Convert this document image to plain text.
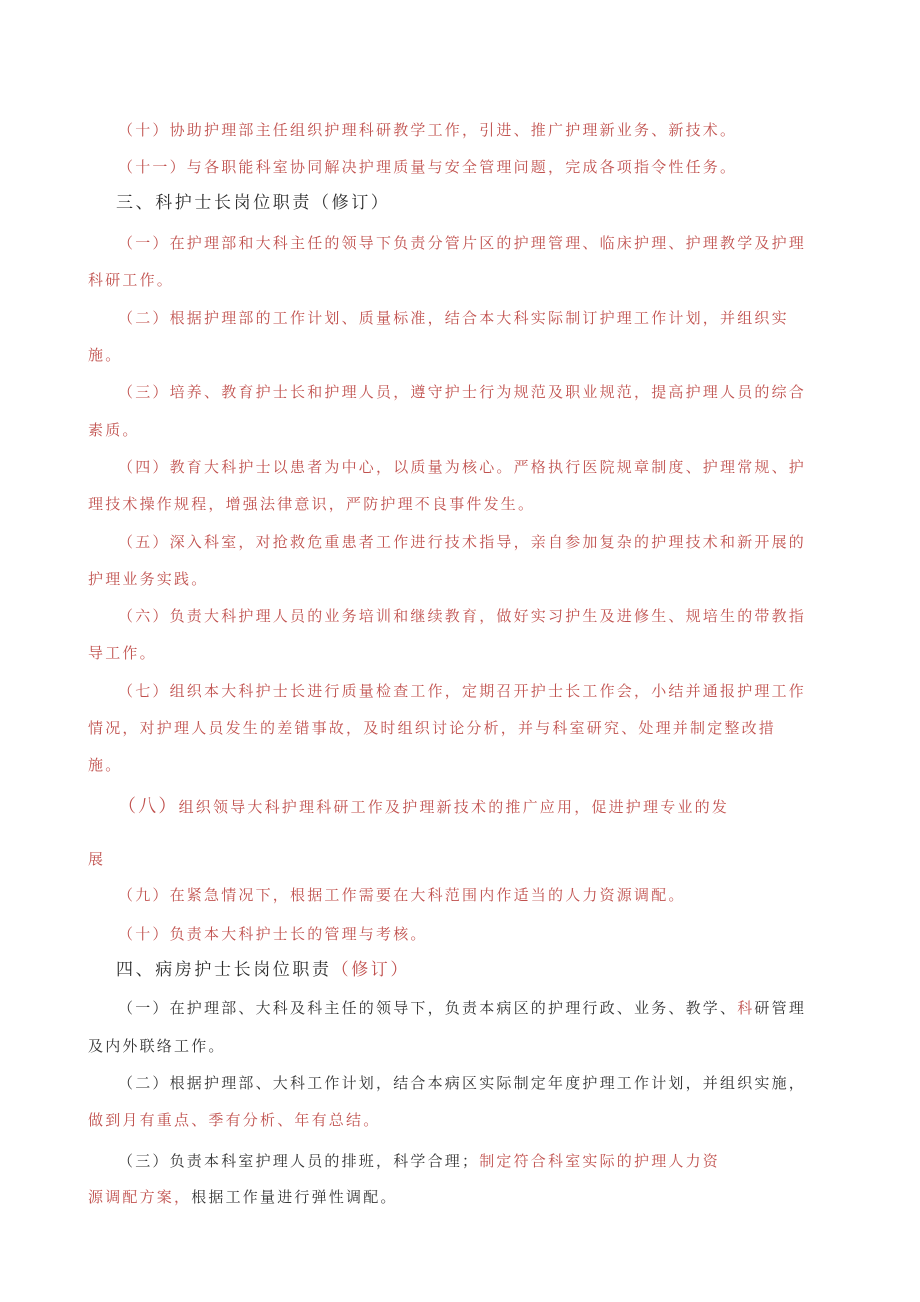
（十）协助护理部主任组织护理科研教学工作，引进、推广护理新业务、新技术。
（十一）与各职能科室协同解决护理质量与安全管理问题，完成各项指令性任务。
三、科护士长岗位职责（修订）
（一）在护理部和大科主任的领导下负责分管片区的护理管理、临床护理、护理教学及护理
科研工作。
（二）根据护理部的工作计划、质量标准，结合本大科实际制订护理工作计划，并组织实
施。
（三）培养、教育护士长和护理人员，遵守护士行为规范及职业规范，提高护理人员的综合
素质。
（四）教育大科护士以患者为中心，以质量为核心。严格执行医院规章制度、护理常规、护
理技术操作规程，增强法律意识，严防护理不良事件发生。
（五）深入科室，对抢救危重患者工作进行技术指导，亲自参加复杂的护理技术和新开展的
护理业务实践。
（六）负责大科护理人员的业务培训和继续教育，做好实习护生及进修生、规培生的带教指
导工作。
（七）组织本大科护士长进行质量检查工作，定期召开护士长工作会，小结并通报护理工作
情况，对护理人员发生的差错事故，及时组织讨论分析，并与科室研究、处理并制定整改措
施。
（八）组织领导大科护理科研工作及护理新技术的推广应用，促进护理专业的发
展
（九）在紧急情况下，根据工作需要在大科范围内作适当的人力资源调配。
（十）负责本大科护士长的管理与考核。
四、病房护士长岗位职责（修订）
（一）在护理部、大科及科主任的领导下，负责本病区的护理行政、业务、教学、科研管理
及内外联络工作。
（二）根据护理部、大科工作计划，结合本病区实际制定年度护理工作计划，并组织实施，
做到月有重点、季有分析、年有总结。
（三）负责本科室护理人员的排班，科学合理；制定符合科室实际的护理人力资
源调配方案，根据工作量进行弹性调配。
